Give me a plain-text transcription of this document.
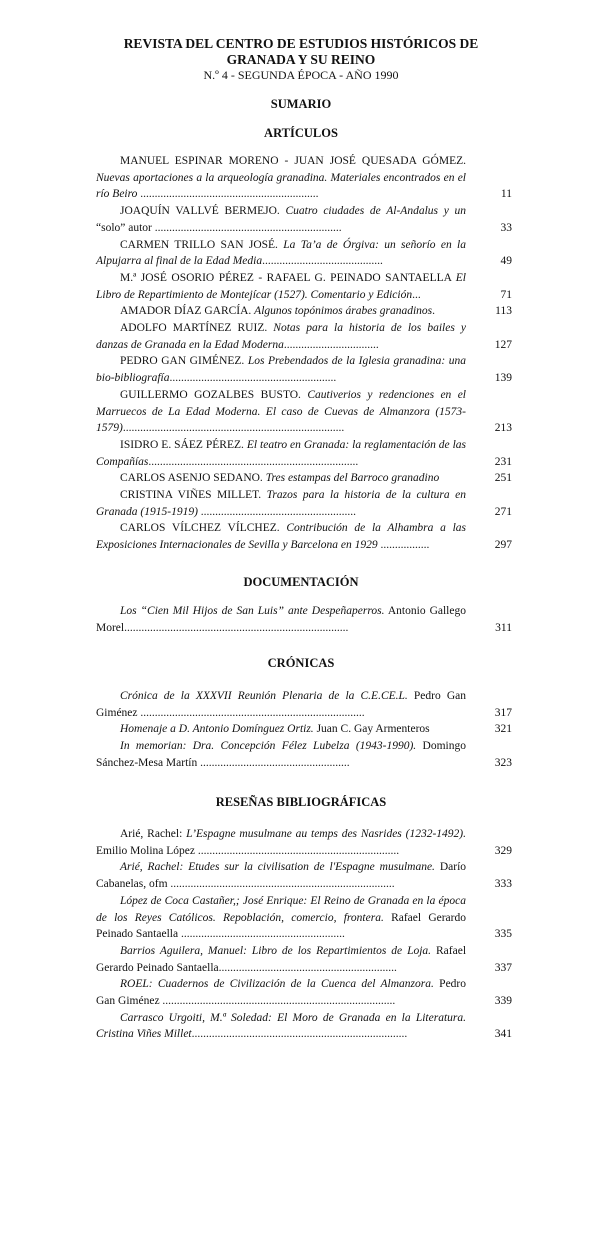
REVISTA DEL CENTRO DE ESTUDIOS HISTÓRICOS DE
GRANADA Y SU REINO
N.º 4 - SEGUNDA ÉPOCA - AÑO 1990
SUMARIO
ARTÍCULOS
MANUEL ESPINAR MORENO - JUAN JOSÉ QUESADA GÓMEZ. Nuevas aportaciones a la arqueología granadina. Materiales encontrados en el río Beiro ..............................................................	11
JOAQUÍN VALLVÉ BERMEJO. Cuatro ciudades de Al-Andalus y un “solo” autor .................................................................	33
CARMEN TRILLO SAN JOSÉ. La Ta’a de Órgiva: un señorío en la Alpujarra al final de la Edad Media..........................................	49
M.ª JOSÉ OSORIO PÉREZ - RAFAEL G. PEINADO SANTAELLA El Libro de Repartimiento de Montejícar (1527). Comentario y Edición...	71
AMADOR DÍAZ GARCÍA. Algunos topónimos árabes granadinos.	113
ADOLFO MARTÍNEZ RUIZ. Notas para la historia de los bailes y danzas de Granada en la Edad Moderna.................................	127
PEDRO GAN GIMÉNEZ. Los Prebendados de la Iglesia granadina: una bio-bibliografía..........................................................	139
GUILLERMO GOZALBES BUSTO. Cautiverios y redenciones en el Marruecos de La Edad Moderna. El caso de Cuevas de Almanzora (1573-1579).............................................................................	213
ISIDRO E. SÁEZ PÉREZ. El teatro en Granada: la reglamentación de las Compañías.........................................................................	231
CARLOS ASENJO SEDANO. Tres estampas del Barroco granadino	251
CRISTINA VIÑES MILLET. Trazos para la historia de la cultura en Granada (1915-1919) ......................................................	271
CARLOS VÍLCHEZ VÍLCHEZ. Contribución de la Alhambra a las Exposiciones Internacionales de Sevilla y Barcelona en 1929 .................	297
DOCUMENTACIÓN
Los “Cien Mil Hijos de San Luis” ante Despeñaperros. Antonio Gallego Morel..............................................................................	311
CRÓNICAS
Crónica de la XXXVII Reunión Plenaria de la C.E.CE.L. Pedro Gan Giménez ..............................................................................	317
Homenaje a D. Antonio Domínguez Ortiz. Juan C. Gay Armenteros	321
In memorian: Dra. Concepción Félez Lubelza (1943-1990). Domingo Sánchez-Mesa Martín ....................................................	323
RESEÑAS BIBLIOGRÁFICAS
Arié, Rachel: L’Espagne musulmane au temps des Nasrides (1232-1492). Emilio Molina López ......................................................................	329
Arié, Rachel: Etudes sur la civilisation de l'Espagne musulmane. Darío Cabanelas, ofm ..............................................................................	333
López de Coca Castañer,; José Enrique: El Reino de Granada en la época de los Reyes Católicos. Repoblación, comercio, frontera. Rafael Gerardo Peinado Santaella .........................................................	335
Barrios Aguilera, Manuel: Libro de los Repartimientos de Loja. Rafael Gerardo Peinado Santaella..............................................................	337
ROEL: Cuadernos de Civilización de la Cuenca del Almanzora. Pedro Gan Giménez .................................................................................	339
Carrasco Urgoiti, M.ª Soledad: El Moro de Granada en la Literatura. Cristina Viñes Millet...........................................................................	341
